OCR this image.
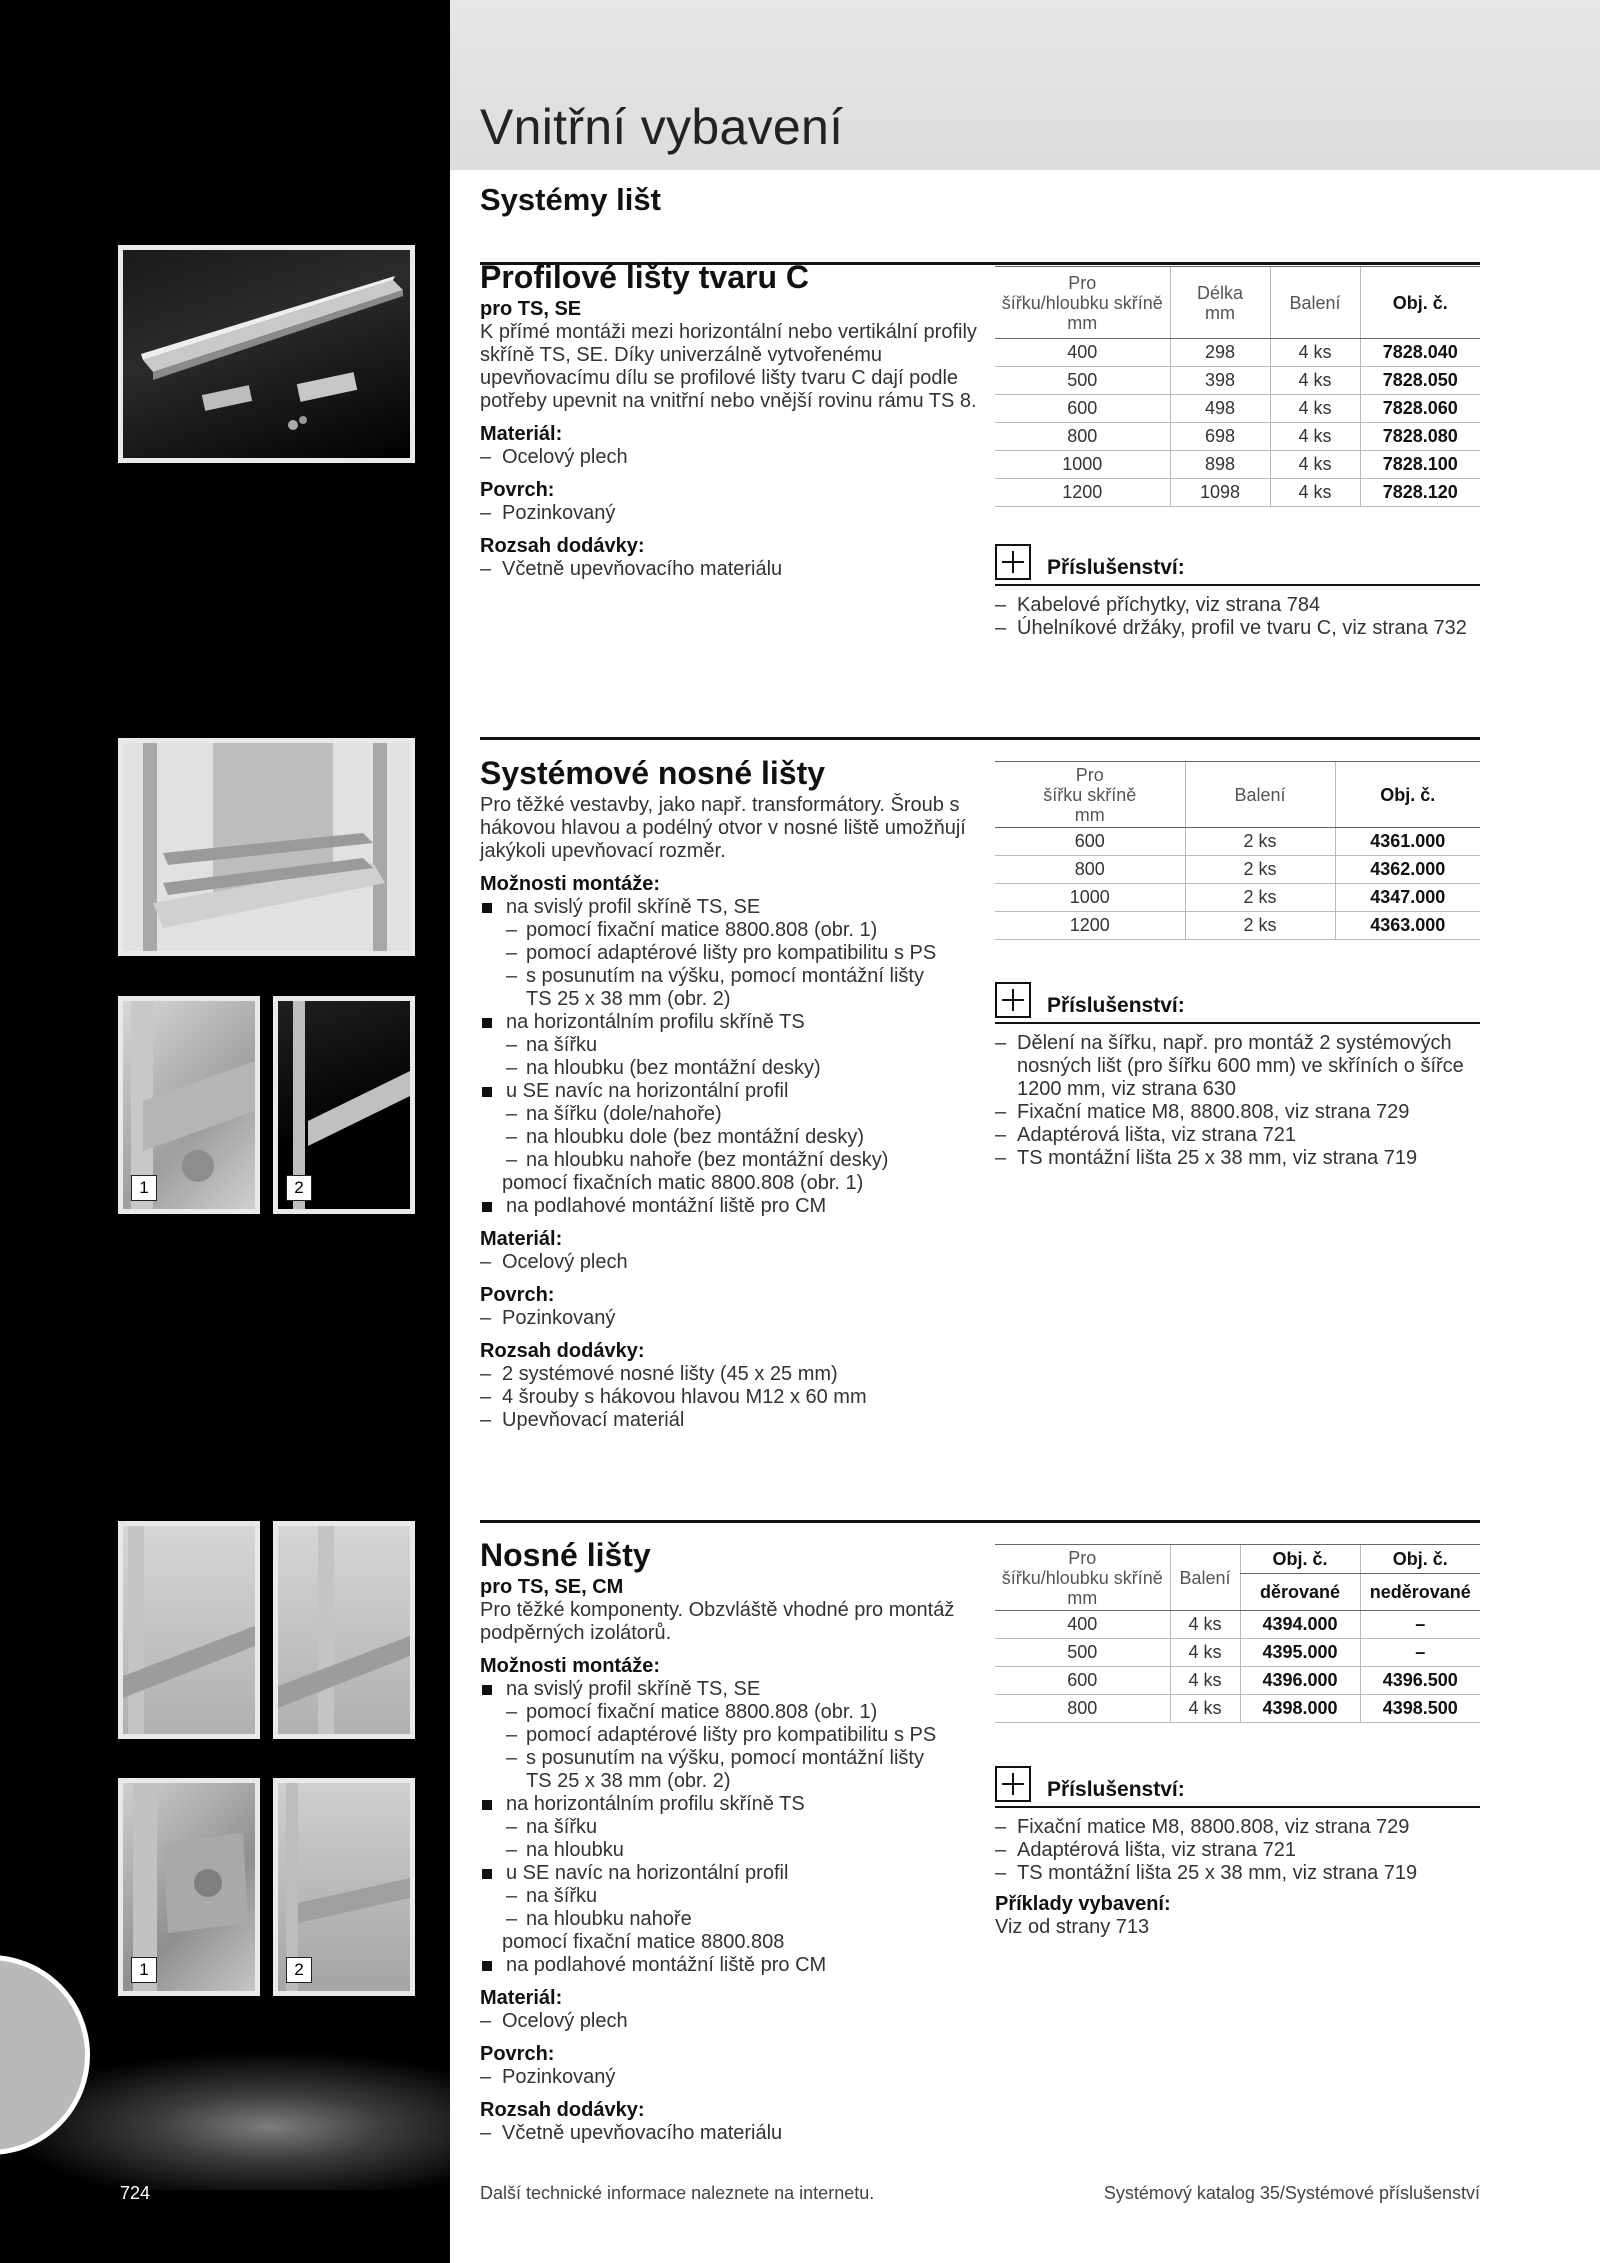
Vnitřní vybavení
Systémy lišt
Profilové lišty tvaru C
pro TS, SE
K přímé montáži mezi horizontální nebo vertikální profily skříně TS, SE. Díky univerzálně vytvořenému upevňovacímu dílu se profilové lišty tvaru C dají podle potřeby upevnit na vnitřní nebo vnější rovinu rámu TS 8.
Materiál:
– Ocelový plech
Povrch:
– Pozinkovaný
Rozsah dodávky:
– Včetně upevňovacího materiálu
Pro
šířku/hloubku skříně
mm	Délka
mm	Balení	Obj. č.
400	298	4 ks	7828.040
500	398	4 ks	7828.050
600	498	4 ks	7828.060
800	698	4 ks	7828.080
1000	898	4 ks	7828.100
1200	1098	4 ks	7828.120
Příslušenství:
– Kabelové příchytky, viz strana 784
– Úhelníkové držáky, profil ve tvaru C, viz strana 732
1	2
Systémové nosné lišty
Pro těžké vestavby, jako např. transformátory. Šroub s hákovou hlavou a podélný otvor v nosné liště umožňují jakýkoli upevňovací rozměr.
Možnosti montáže:
na svislý profil skříně TS, SE
– pomocí fixační matice 8800.808 (obr. 1)
– pomocí adaptérové lišty pro kompatibilitu s PS
– s posunutím na výšku, pomocí montážní lišty
TS 25 x 38 mm (obr. 2)
na horizontálním profilu skříně TS
– na šířku
– na hloubku (bez montážní desky)
u SE navíc na horizontální profil
– na šířku (dole/nahoře)
– na hloubku dole (bez montážní desky)
– na hloubku nahoře (bez montážní desky)
pomocí fixačních matic 8800.808 (obr. 1)
na podlahové montážní liště pro CM
Materiál:
– Ocelový plech
Povrch:
– Pozinkovaný
Rozsah dodávky:
– 2 systémové nosné lišty (45 x 25 mm)
– 4 šrouby s hákovou hlavou M12 x 60 mm
– Upevňovací materiál
Pro
šířku skříně
mm	Balení	Obj. č.
600	2 ks	4361.000
800	2 ks	4362.000
1000	2 ks	4347.000
1200	2 ks	4363.000
Příslušenství:
– Dělení na šířku, např. pro montáž 2 systémových nosných lišt (pro šířku 600 mm) ve skříních o šířce 1200 mm, viz strana 630
– Fixační matice M8, 8800.808, viz strana 729
– Adaptérová lišta, viz strana 721
– TS montážní lišta 25 x 38 mm, viz strana 719
1	2
Nosné lišty
pro TS, SE, CM
Pro těžké komponenty. Obzvláště vhodné pro montáž podpěrných izolátorů.
Možnosti montáže:
na svislý profil skříně TS, SE
– pomocí fixační matice 8800.808 (obr. 1)
– pomocí adaptérové lišty pro kompatibilitu s PS
– s posunutím na výšku, pomocí montážní lišty
TS 25 x 38 mm (obr. 2)
na horizontálním profilu skříně TS
– na šířku
– na hloubku
u SE navíc na horizontální profil
– na šířku
– na hloubku nahoře
pomocí fixační matice 8800.808
na podlahové montážní liště pro CM
Materiál:
– Ocelový plech
Povrch:
– Pozinkovaný
Rozsah dodávky:
– Včetně upevňovacího materiálu
Pro
šířku/hloubku skříně
mm	Balení	Obj. č.	Obj. č.
		děrované	neděrované
400	4 ks	4394.000	–
500	4 ks	4395.000	–
600	4 ks	4396.000	4396.500
800	4 ks	4398.000	4398.500
Příslušenství:
– Fixační matice M8, 8800.808, viz strana 729
– Adaptérová lišta, viz strana 721
– TS montážní lišta 25 x 38 mm, viz strana 719
Příklady vybavení:
Viz od strany 713
724	Další technické informace naleznete na internetu.	Systémový katalog 35/Systémové příslušenství
